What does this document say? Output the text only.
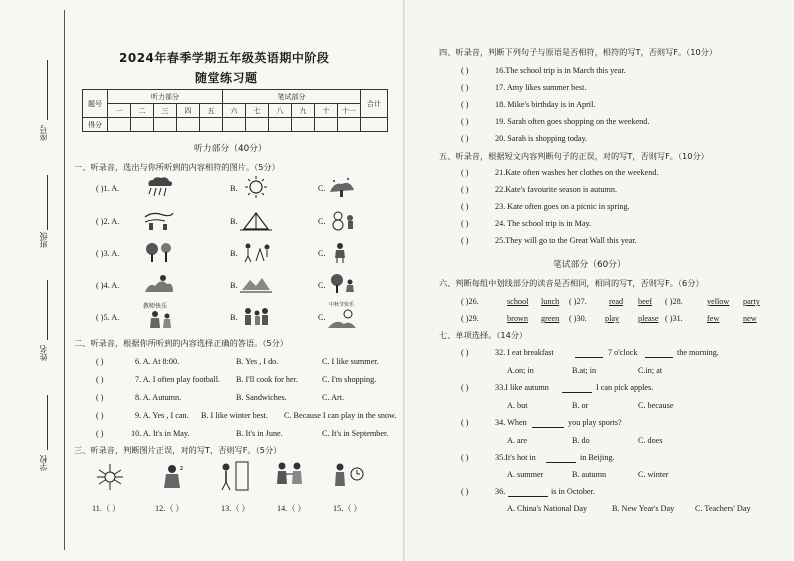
座号
班级
姓名
学校
2024年春季学期五年级英语期中阶段
随堂练习题
题号	听力部分					笔试部分						合计
	一	二	三	四	五	六	七	八	九	十	十一	
得分												
听力部分（40分）
一、听录音，选出与你所听到的内容相符的图片。（5分）
( )1. A.	B.	C.
( )2. A.	B.	C.
( )3. A.	B.	C.
( )4. A.	B.	C.
( )5. A.
教师快乐
B.	C.
中秋节快乐
二、听录音，根据你所听到的内容选择正确的答语。（5分）
( )	6. A. At 8:00.	B. Yes , I do.	C. I like summer.
( )	7. A. I often play football. B. I'll cook for her.	C. I'm shopping.
( )	8. A. Autumn.	B. Sandwiches.	C. Art.
( )	9. A. Yes , I can. B. I like winter best. C. Because I can play in the snow.
( )	10. A. It's in May.	B. It's in June.	C. It's in September.
三、听录音，判断图片正误，对的写T，否则写F。（5分）
z
11.（ ）	12.（ ）	13.（ ）	14.（ ）	15.（ ）
四、听录音，判断下列句子与原语是否相符，相符的写T，否则写F。（10分）
( )	16.The school trip is in March this year.
( )	17. Amy likes summer best.
( )	18. Mike's birthday is in April.
( )	19. Sarah often goes shopping on the weekend.
( )	20. Sarah is shopping today.
五、听录音，根据短文内容判断句子的正误，对的写T，否则写F。（10分）
( )	21.Kate often washes her clothes on the weekend.
( )	22.Kate's favourite season is autumn.
( )	23. Kate often goes on a picnic in spring.
( )	24. The school trip is in May.
( )	25.They will go to the Great Wall this year.
笔试部分（60分）
六、判断每组中划线部分的读音是否相同，相同的写T，否则写F。（6分）
( )26.	school lunch ( )27.	read beef ( )28.	yellow party
( )29.	brown green ( )30. play please ( )31.	few	new
七、单项选择。（14分）
( )	32. I eat breakfast	7 o'clock	the morning.
A.on; in	B.at; in	C.in; at
( )	33.I like autumn	I can pick apples.
A. but	B. or	C. because
( )	34. When	you play sports?
A. are	B. do	C. does
( )	35.It's hot in	in Beijing.
A. summer	B. autumn	C. winter
( )	36.	is in October.
A. China's National Day	B. New Year's Day	C. Teachers' Day
